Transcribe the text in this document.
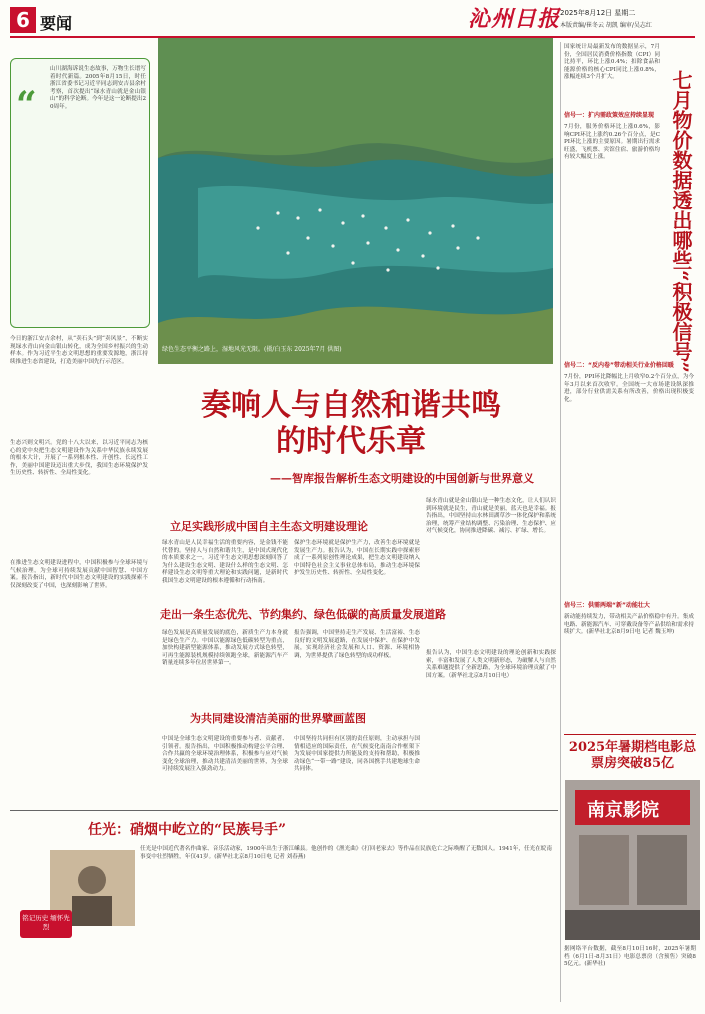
6 要闻	沁州日报 2025年8月12日 星期二
本版责编/崔冬云 胡凯 编审/吴志红
“
山川湖海诉说生态故事，万物生长谱写着时代新篇。2005年8月15日，时任浙江省委书记习近平同志到安吉县余村考察，首次提出“绿水青山就是金山银山”的科学论断。今年是这一论断提出20周年。
绿色生态平衡之路上，湿地风光无限。(摄/白玉东 2025年7月 供图)
奏响人与自然和谐共鸣
的时代乐章
——智库报告解析生态文明建设的中国创新与世界意义
国家统计局最新发布的数据显示，7月份，全国居民消费价格指数（CPI）同比持平，环比上涨0.4%；扣除食品和能源价格的核心CPI同比上涨0.8%，涨幅连续3个月扩大。	七月物价数据透出哪些“积极信号”
信号一：扩内需政策效应持续显现
7月份，服务价格环比上涨0.6%，影响CPI环比上涨约0.26个百分点，是CPI环比上涨的主要原因。暑期出行需求旺盛，飞机票、宾馆住宿、旅游价格均有较大幅度上涨。
信号二：“反内卷”带动相关行业价格回暖
7月份，PPI环比降幅比上月收窄0.2个百分点，为今年3月以来首次收窄。全国统一大市场建设纵深推进，部分行业供需关系有所改善，价格出现积极变化。
信号三：供需两端“新”动能壮大
新动能持续发力，带动相关产品价格稳中有升。集成电路、新能源汽车、可穿戴设备等产品供给和需求持续扩大。(新华社北京8月9日电 记者 魏玉坤)
2025年暑期档电影总票房突破85亿
南京影院
据网络平台数据，截至8月10日16时，2025年暑期档（6月1日-8月31日）电影总票房（含预售）突破85亿元。(新华社)
今日的浙江安吉余村，从“卖石头”到“卖风景”，不断实现绿水青山向金山银山转化，成为全国乡村振兴的生动样本。作为习近平生态文明思想的重要发源地，浙江持续推进生态省建设，打造美丽中国先行示范区。
生态兴则文明兴。党的十八大以来，以习近平同志为核心的党中央把生态文明建设作为关系中华民族永续发展的根本大计，开展了一系列根本性、开创性、长远性工作，美丽中国建设迈出重大步伐，我国生态环境保护发生历史性、转折性、全局性变化。
在推进生态文明建设进程中，中国积极参与全球环境与气候治理，为全球可持续发展贡献中国智慧、中国方案。报告指出，新时代中国生态文明建设的实践探索不仅深刻改变了中国，也深刻影响了世界。
立足实践形成中国自主生态文明建设理论
绿水青山是人民幸福生活的重要内容，是金钱不能代替的。坚持人与自然和谐共生，是中国式现代化的本质要求之一。习近平生态文明思想深刻回答了为什么建设生态文明、建设什么样的生态文明、怎样建设生态文明等重大理论和实践问题，是新时代我国生态文明建设的根本遵循和行动指南。
保护生态环境就是保护生产力，改善生态环境就是发展生产力。报告认为，中国在长期实践中探索形成了一系列原创性理论成果，把生态文明建设纳入中国特色社会主义事业总体布局，推动生态环境保护发生历史性、转折性、全局性变化。
绿水青山就是金山银山是一种生态文化，让人们认识到环境就是民生，青山就是美丽，蓝天也是幸福。报告指出，中国坚持山水林田湖草沙一体化保护和系统治理，统筹产业结构调整、污染治理、生态保护、应对气候变化，协同推进降碳、减污、扩绿、增长。
走出一条生态优先、节约集约、绿色低碳的高质量发展道路
绿色发展是高质量发展的底色，新质生产力本身就是绿色生产力。中国以能源绿色低碳转型为重点，加快构建新型能源体系，推动发展方式绿色转型，可再生能源装机规模持续领跑全球，新能源汽车产销量连续多年位居世界第一。
报告强调，中国坚持走生产发展、生活富裕、生态良好的文明发展道路，在发展中保护、在保护中发展，实现经济社会发展和人口、资源、环境相协调，为世界提供了绿色转型的成功样板。
为共同建设清洁美丽的世界擘画蓝图
中国是全球生态文明建设的重要参与者、贡献者、引领者。报告指出，中国积极推动构建公平合理、合作共赢的全球环境治理体系，积极参与应对气候变化全球治理，推动共建清洁美丽的世界，为全球可持续发展注入强劲动力。
中国坚持共同但有区别的责任原则，主动承担与国情相适应的国际责任，在气候变化南南合作框架下为发展中国家提供力所能及的支持和帮助，积极推动绿色“一带一路”建设，同各国携手共建地球生命共同体。
报告认为，中国生态文明建设的理论创新和实践探索，丰富和发展了人类文明新形态，为破解人与自然关系难题提供了全新思路，为全球环境治理贡献了中国方案。（新华社北京8月10日电）
任光：硝烟中屹立的“民族号手”
铭记历史 缅怀先烈
任光是中国近代著名作曲家、音乐活动家，1900年出生于浙江嵊县。他创作的《渔光曲》《打回老家去》等作品在民族危亡之际唤醒了无数国人。1941年，任光在皖南事变中壮烈牺牲，年仅41岁。(新华社北京8月10日电 记者 刘春燕)
